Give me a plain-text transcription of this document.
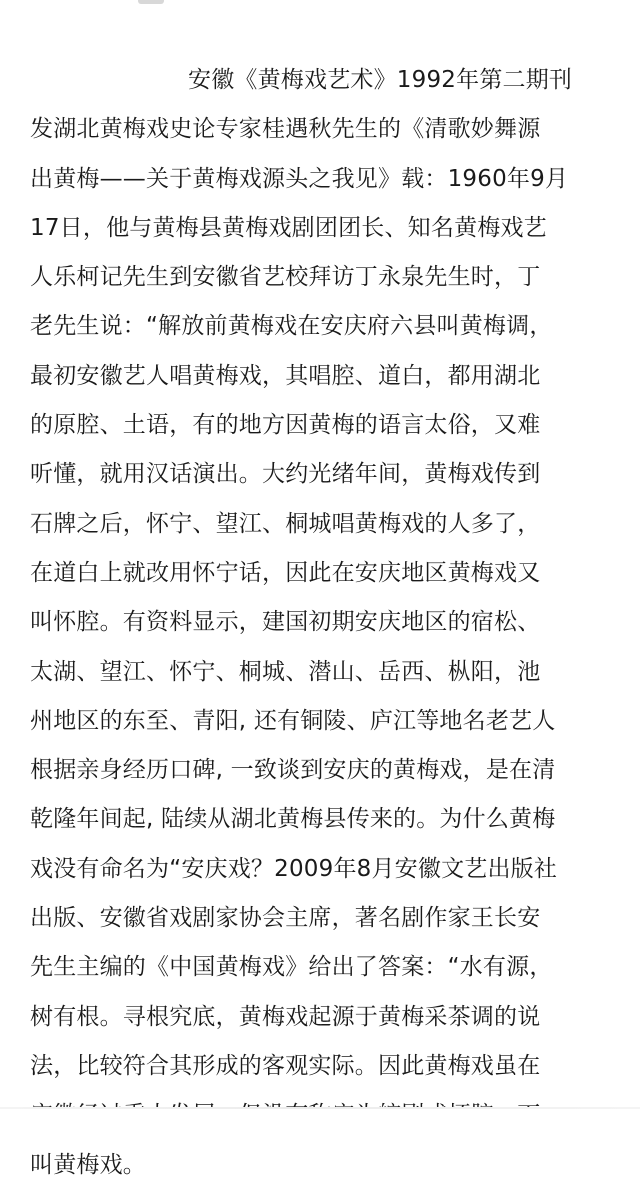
安徽《黄梅戏艺术》1992年第二期刊
发湖北黄梅戏史论专家桂遇秋先生的《清歌妙舞源
出黄梅——关于黄梅戏源头之我见》载：1960年9月
17日，他与黄梅县黄梅戏剧团团长、知名黄梅戏艺
人乐柯记先生到安徽省艺校拜访丁永泉先生时，丁
老先生说：“解放前黄梅戏在安庆府六县叫黄梅调，
最初安徽艺人唱黄梅戏，其唱腔、道白，都用湖北
的原腔、土语，有的地方因黄梅的语言太俗，又难
听懂，就用汉话演出。大约光绪年间，黄梅戏传到
石牌之后，怀宁、望江、桐城唱黄梅戏的人多了，
在道白上就改用怀宁话，因此在安庆地区黄梅戏又
叫怀腔。有资料显示，建国初期安庆地区的宿松、
太湖、望江、怀宁、桐城、潜山、岳西、枞阳，池
州地区的东至、青阳, 还有铜陵、庐江等地名老艺人
根据亲身经历口碑, 一致谈到安庆的黄梅戏，是在清
乾隆年间起, 陆续从湖北黄梅县传来的。为什么黄梅
戏没有命名为“安庆戏？2009年8月安徽文艺出版社
出版、安徽省戏剧家协会主席，著名剧作家王长安
先生主编的《中国黄梅戏》给出了答案：“水有源，
树有根。寻根究底，黄梅戏起源于黄梅采茶调的说
法，比较符合其形成的客观实际。因此黄梅戏虽在
叫黄梅戏。
